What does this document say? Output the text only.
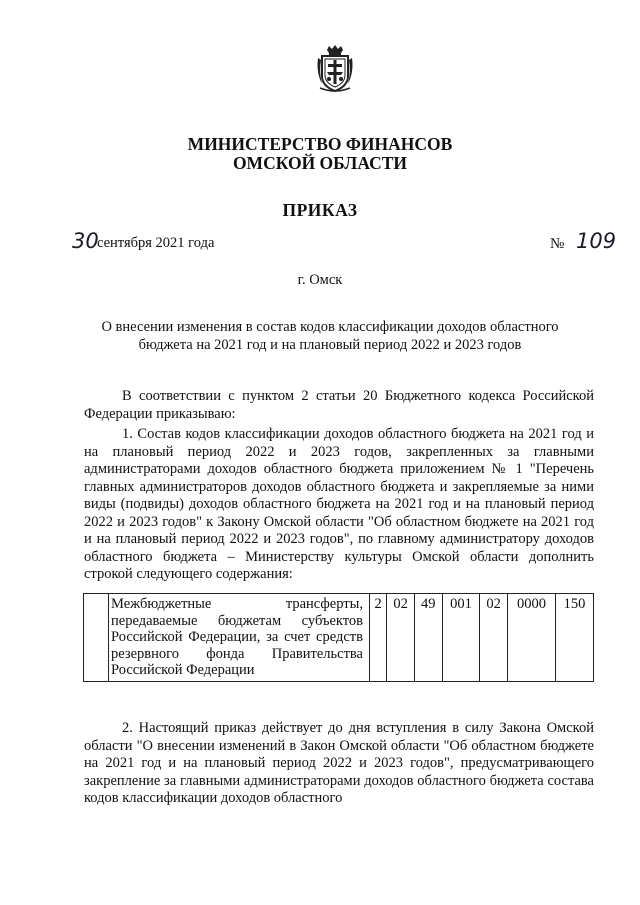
МИНИСТЕРСТВО ФИНАНСОВ
ОМСКОЙ ОБЛАСТИ
ПРИКАЗ
30
сентября 2021 года	№ 109
г. Омск
О внесении изменения в состав кодов классификации доходов областного
бюджета на 2021 год и на плановый период 2022 и 2023 годов

В соответствии с пунктом 2 статьи 20 Бюджетного кодекса Российской Федерации приказываю:

1. Состав кодов классификации доходов областного бюджета на 2021 год и на плановый период 2022 и 2023 годов, закрепленных за главными администраторами доходов областного бюджета приложением № 1 "Перечень главных администраторов доходов областного бюджета и закрепляемые за ними виды (подвиды) доходов областного бюджета на 2021 год и на плановый период 2022 и 2023 годов" к Закону Омской области "Об областном бюджете на 2021 год и на плановый период 2022 и 2023 годов", по главному администратору доходов областного бюджета – Министерству культуры Омской области дополнить строкой следующего содержания:

	Межбюджетные трансферты, передаваемые бюджетам субъектов Российской Федерации, за счет средств резервного фонда Правительства Российской Федерации	2	02	49	001	02	0000	150

2. Настоящий приказ действует до дня вступления в силу Закона Омской области "О внесении изменений в Закон Омской области "Об областном бюджете на 2021 год и на плановый период 2022 и 2023 годов", предусматривающего закрепление за главными администраторами доходов областного бюджета состава кодов классификации доходов областного
